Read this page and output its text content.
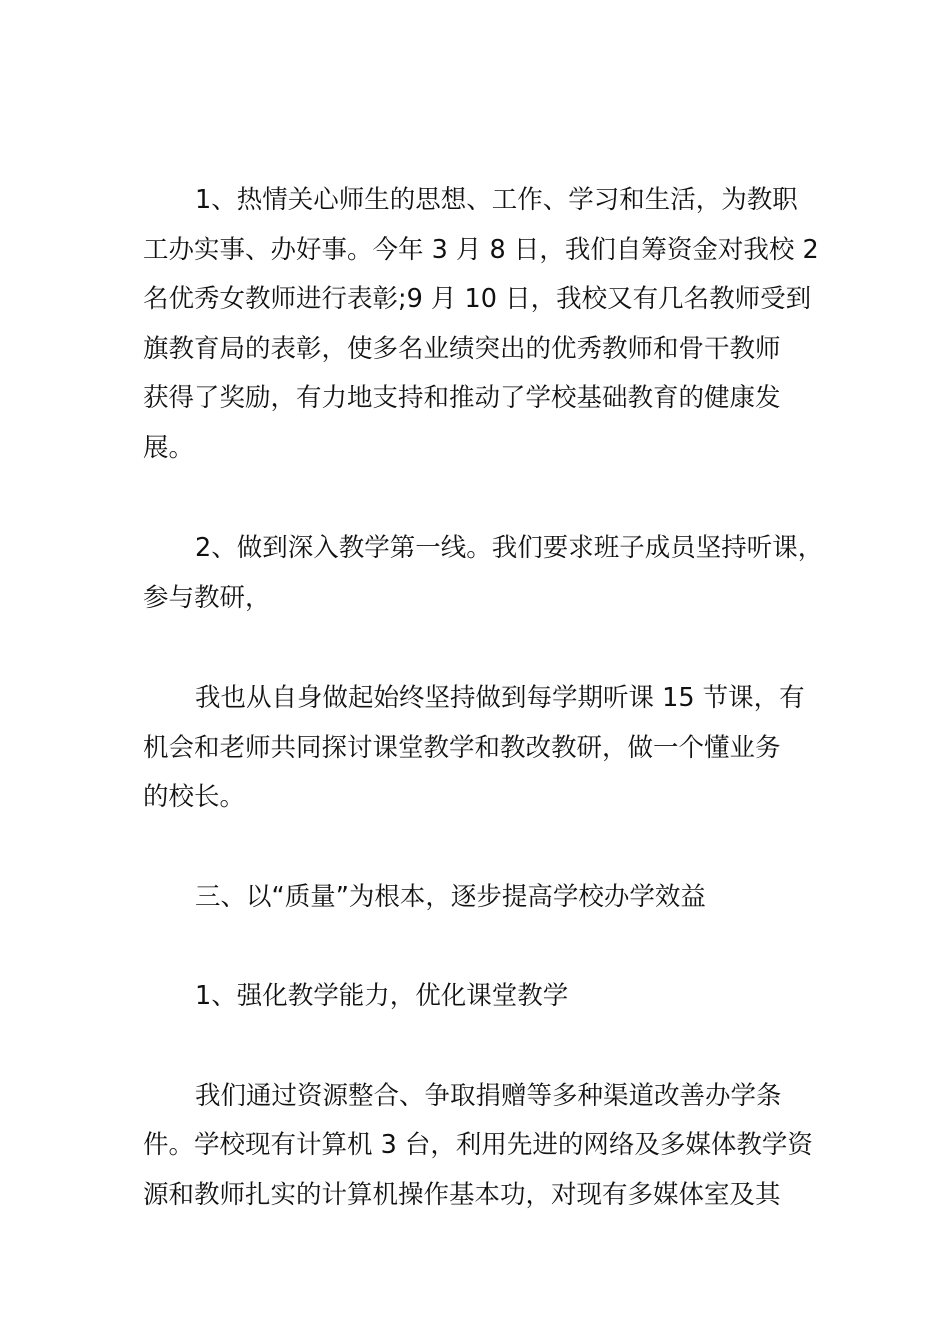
1、热情关心师生的思想、工作、学习和生活，为教职
工办实事、办好事。今年 3 月 8 日，我们自筹资金对我校 2
名优秀女教师进行表彰;9 月 10 日，我校又有几名教师受到
旗教育局的表彰，使多名业绩突出的优秀教师和骨干教师
获得了奖励，有力地支持和推动了学校基础教育的健康发
展。
2、做到深入教学第一线。我们要求班子成员坚持听课，
参与教研，
我也从自身做起始终坚持做到每学期听课 15 节课，有
机会和老师共同探讨课堂教学和教改教研，做一个懂业务
的校长。
三、以“质量”为根本，逐步提高学校办学效益
1、强化教学能力，优化课堂教学
我们通过资源整合、争取捐赠等多种渠道改善办学条
件。学校现有计算机 3 台，利用先进的网络及多媒体教学资
源和教师扎实的计算机操作基本功，对现有多媒体室及其
